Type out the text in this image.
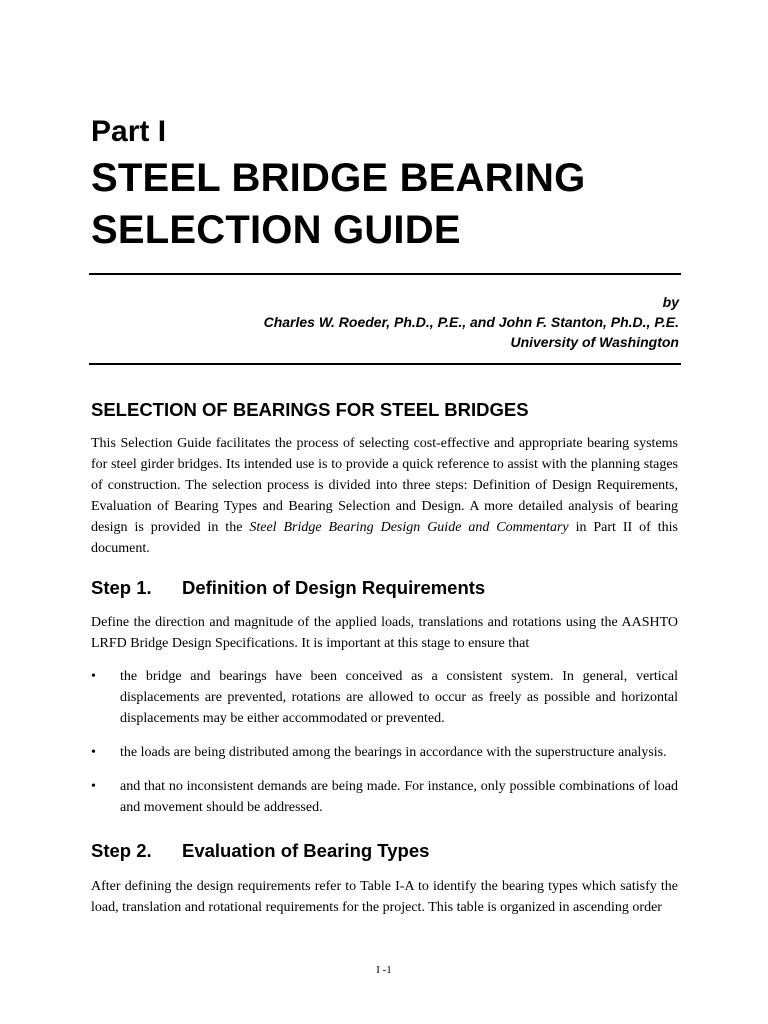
Part I
STEEL BRIDGE BEARING
SELECTION GUIDE
by
Charles W. Roeder, Ph.D., P.E., and John F. Stanton, Ph.D., P.E.
University of Washington
SELECTION OF BEARINGS FOR STEEL BRIDGES

This Selection Guide facilitates the process of selecting cost-effective and appropriate bearing systems for steel girder bridges. Its intended use is to provide a quick reference to assist with the planning stages of construction. The selection process is divided into three steps: Definition of Design Requirements, Evaluation of Bearing Types and Bearing Selection and Design. A more detailed analysis of bearing design is provided in the Steel Bridge Bearing Design Guide and Commentary in Part II of this document.

Step 1. Definition of Design Requirements

Define the direction and magnitude of the applied loads, translations and rotations using the AASHTO LRFD Bridge Design Specifications. It is important at this stage to ensure that

•	the bridge and bearings have been conceived as a consistent system. In general, vertical displacements are prevented, rotations are allowed to occur as freely as possible and horizontal displacements may be either accommodated or prevented.
•	the loads are being distributed among the bearings in accordance with the superstructure analysis.
•	and that no inconsistent demands are being made. For instance, only possible combinations of load and movement should be addressed.
Step 2. Evaluation of Bearing Types

After defining the design requirements refer to Table I-A to identify the bearing types which satisfy the load, translation and rotational requirements for the project. This table is organized in ascending order

I -1
